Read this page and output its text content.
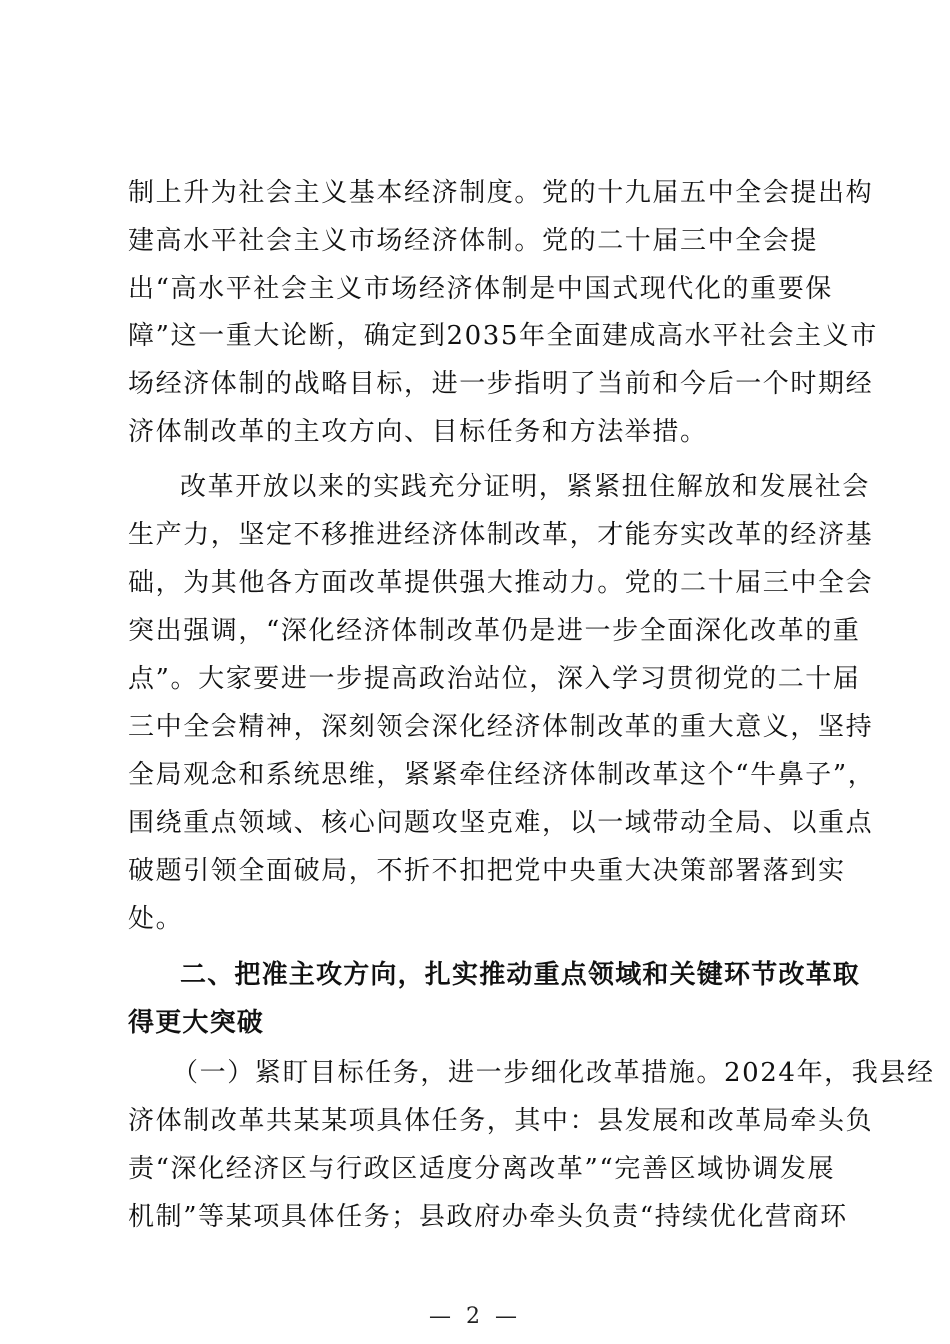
制上升为社会主义基本经济制度。党的十九届五中全会提出构
建高水平社会主义市场经济体制。党的二十届三中全会提
出“高水平社会主义市场经济体制是中国式现代化的重要保
障”这一重大论断，确定到2035年全面建成高水平社会主义市
场经济体制的战略目标，进一步指明了当前和今后一个时期经
济体制改革的主攻方向、目标任务和方法举措。
改革开放以来的实践充分证明，紧紧扭住解放和发展社会
生产力，坚定不移推进经济体制改革，才能夯实改革的经济基
础，为其他各方面改革提供强大推动力。党的二十届三中全会
突出强调，“深化经济体制改革仍是进一步全面深化改革的重
点”。大家要进一步提高政治站位，深入学习贯彻党的二十届
三中全会精神，深刻领会深化经济体制改革的重大意义，坚持
全局观念和系统思维，紧紧牵住经济体制改革这个“牛鼻子”，
围绕重点领域、核心问题攻坚克难，以一域带动全局、以重点
破题引领全面破局，不折不扣把党中央重大决策部署落到实
处。
二、把准主攻方向，扎实推动重点领域和关键环节改革取
得更大突破
（一）紧盯目标任务，进一步细化改革措施。2024年，我县经
济体制改革共某某项具体任务，其中：县发展和改革局牵头负
责“深化经济区与行政区适度分离改革”“完善区域协调发展
机制”等某项具体任务；县政府办牵头负责“持续优化营商环
— 2 —
